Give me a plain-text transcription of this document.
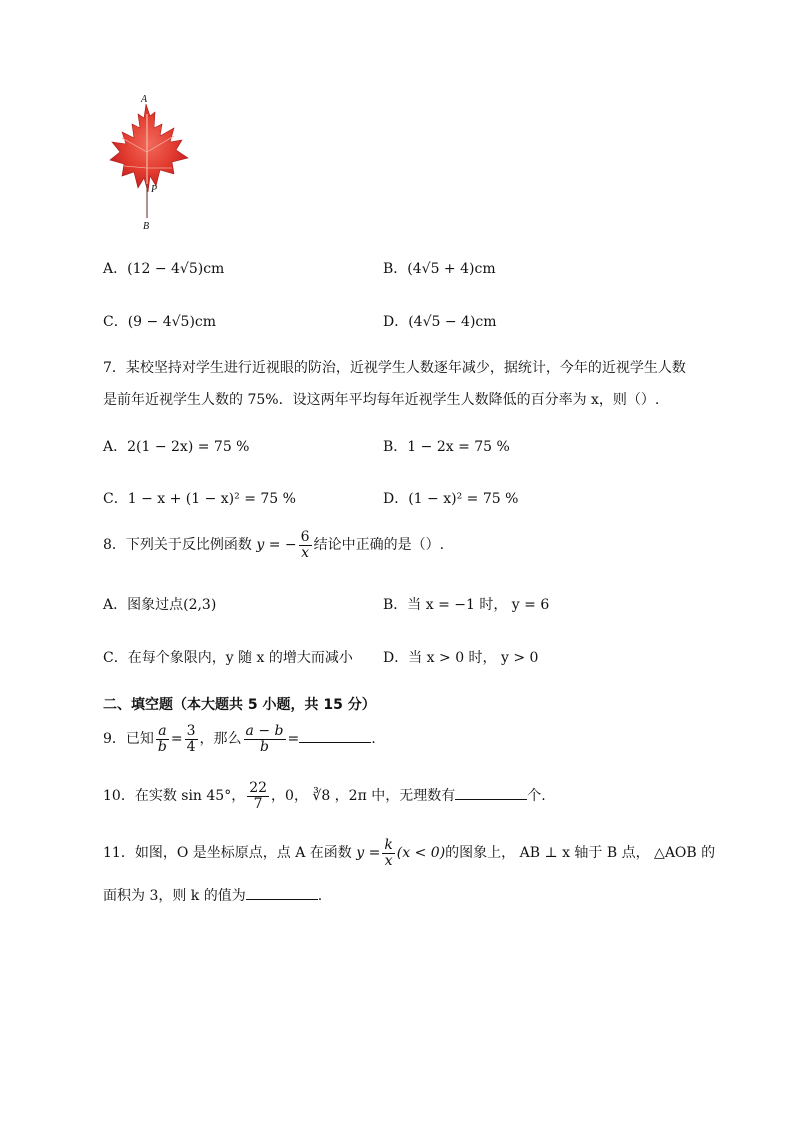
A
P
B
A．(12 − 4√5)cm	B．(4√5 + 4)cm
C．(9 − 4√5)cm	D．(4√5 − 4)cm
7．某校坚持对学生进行近视眼的防治，近视学生人数逐年减少，据统计，今年的近视学生人数
是前年近视学生人数的 75%．设这两年平均每年近视学生人数降低的百分率为 x，则（）.
A．2(1 − 2x) = 75 %	B．1 − 2x = 75 %
C．1 − x + (1 − x)² = 75 %	D．(1 − x)² = 75 %
8．下列关于反比例函数 y = − $\frac{6}{x}$ 结论中正确的是（）.
A．图象过点(2,3)	B．当 x = −1 时， y = 6
C．在每个象限内，y 随 x 的增大而减小 D．当 x > 0 时， y > 0
二、填空题（本大题共 5 小题，共 15 分）
9．已知 $\frac{a}{b} = \frac{3}{4}$ ，那么 $\frac{a - b}{b}$ =	.
10．在实数 sin 45°， $\frac{22}{7}$ ，0， ∛8 ，2π 中，无理数有	个.
11．如图，O 是坐标原点，点 A 在函数 $y = \frac{k}{x} (x < 0)$的图象上， AB ⊥ x 轴于 B 点， △AOB 的
面积为 3，则 k 的值为	.
